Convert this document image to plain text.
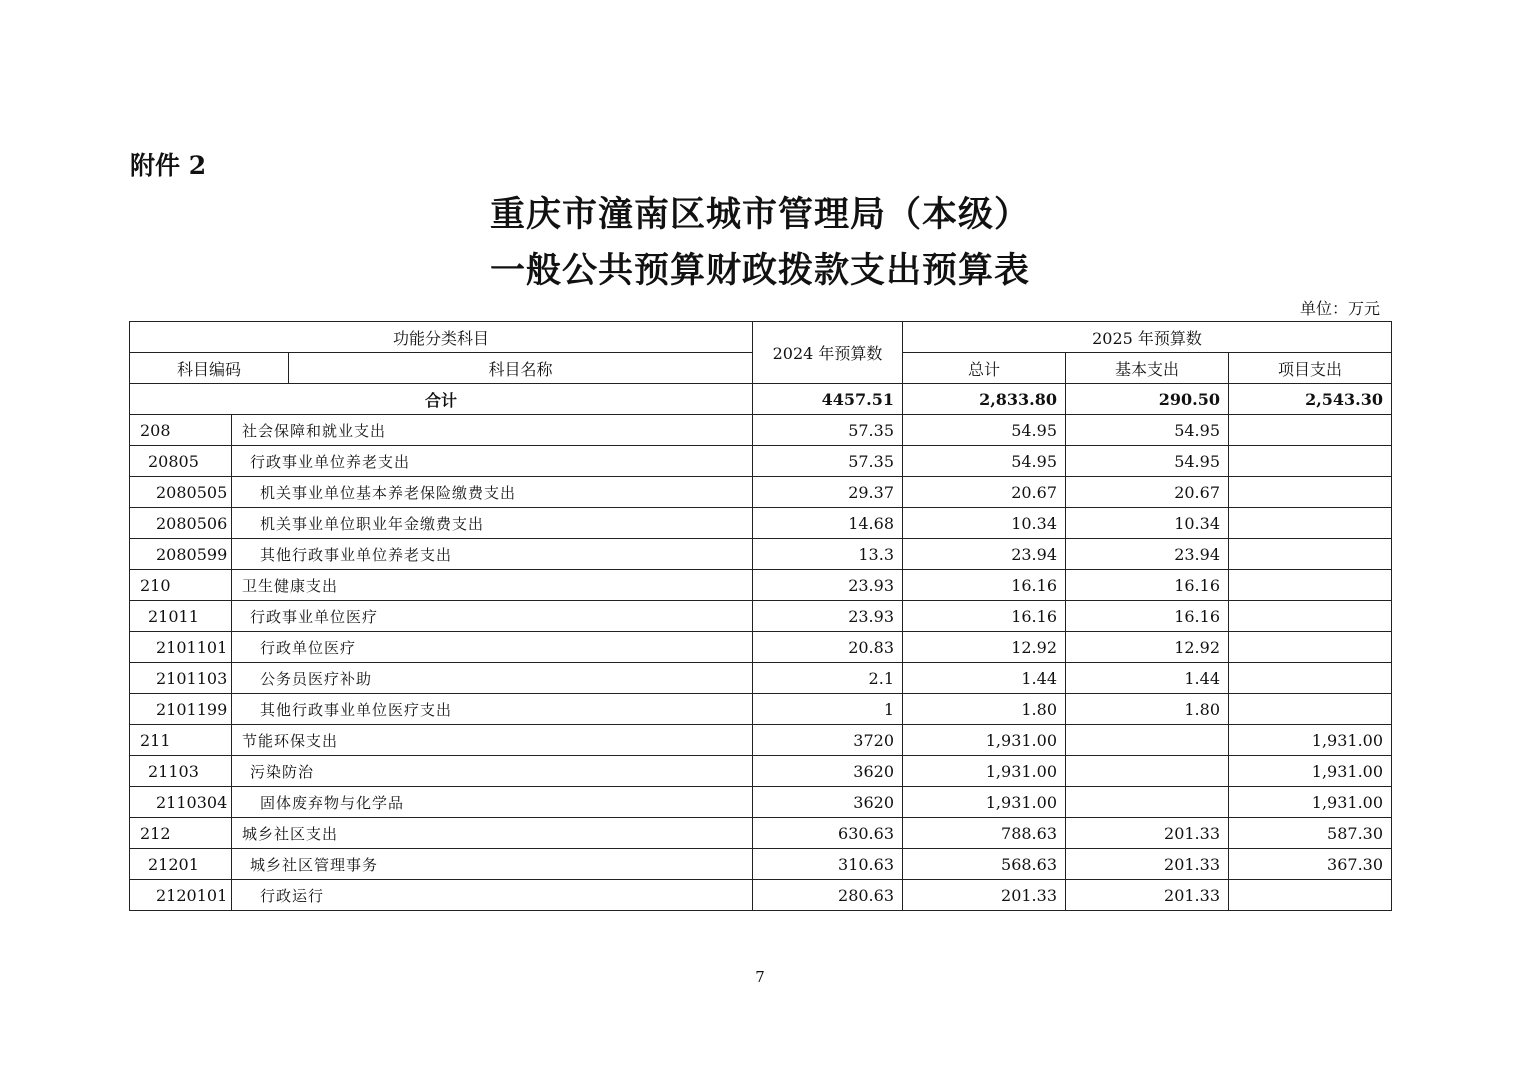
附件 2
重庆市潼南区城市管理局（本级）
一般公共预算财政拨款支出预算表
单位：万元
功能分类科目			2024 年预算数	2025 年预算数		
科目编码		科目名称		总计	基本支出	项目支出
合计			4457.51	2,833.80	290.50	2,543.30
208	社会保障和就业支出		57.35	54.95	54.95	
20805	行政事业单位养老支出		57.35	54.95	54.95	
2080505	机关事业单位基本养老保险缴费支出		29.37	20.67	20.67	
2080506	机关事业单位职业年金缴费支出		14.68	10.34	10.34	
2080599	其他行政事业单位养老支出		13.3	23.94	23.94	
210	卫生健康支出		23.93	16.16	16.16	
21011	行政事业单位医疗		23.93	16.16	16.16	
2101101	行政单位医疗		20.83	12.92	12.92	
2101103	公务员医疗补助		2.1	1.44	1.44	
2101199	其他行政事业单位医疗支出		1	1.80	1.80	
211	节能环保支出		3720	1,931.00		1,931.00
21103	污染防治		3620	1,931.00		1,931.00
2110304	固体废弃物与化学品		3620	1,931.00		1,931.00
212	城乡社区支出		630.63	788.63	201.33	587.30
21201	城乡社区管理事务		310.63	568.63	201.33	367.30
2120101	行政运行		280.63	201.33	201.33	
7
